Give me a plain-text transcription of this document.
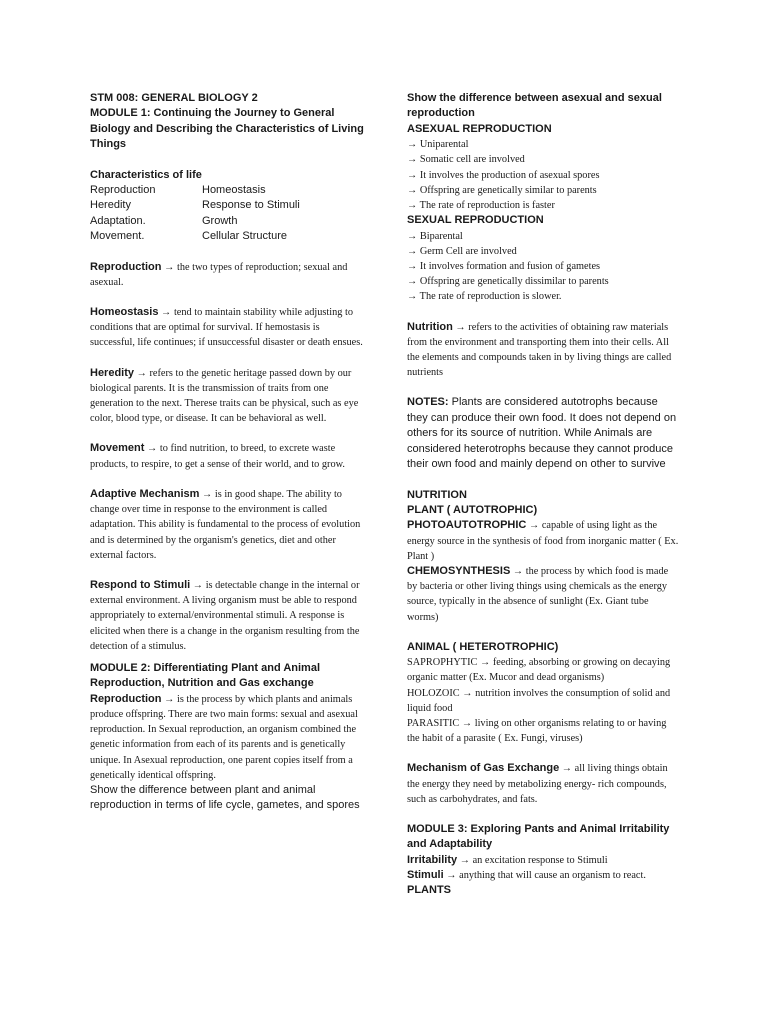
STM 008: GENERAL BIOLOGY 2
MODULE 1: Continuing the Journey to General Biology and Describing the Characteristics of Living Things
Characteristics of life
Reproduction	Homeostasis
Heredity	Response to Stimuli
Adaptation.	Growth
Movement.	Cellular Structure

Reproduction → the two types of reproduction; sexual and asexual.

Homeostasis → tend to maintain stability while adjusting to conditions that are optimal for survival. If hemostasis is successful, life continues; if unsuccessful disaster or death ensues.

Heredity → refers to the genetic heritage passed down by our biological parents. It is the transmission of traits from one generation to the next. Therese traits can be physical, such as eye color, blood type, or disease. It can be behavioral as well.

Movement → to find nutrition, to breed, to excrete waste products, to respire, to get a sense of their world, and to grow.

Adaptive Mechanism → is in good shape. The ability to change over time in response to the environment is called adaptation. This ability is fundamental to the process of evolution and is determined by the organism's genetics, diet and other external factors.

Respond to Stimuli → is detectable change in the internal or external environment. A living organism must be able to respond appropriately to external/environmental stimuli. A response is elicited when there is a change in the organism resulting from the detection of a stimulus.

MODULE 2: Differentiating Plant and Animal Reproduction, Nutrition and Gas exchange

Reproduction → is the process by which plants and animals produce offspring. There are two main forms: sexual and asexual reproduction. In Sexual reproduction, an organism combined the genetic information from each of its parents and is genetically unique. In Asexual reproduction, one parent copies itself from a genetically identical offspring.

Show the difference between plant and animal reproduction in terms of life cycle, gametes, and spores

Show the difference between asexual and sexual reproduction
ASEXUAL REPRODUCTION
→ Uniparental
→ Somatic cell are involved
→ It involves the production of asexual spores
→ Offspring are genetically similar to parents
→ The rate of reproduction is faster
SEXUAL REPRODUCTION
→ Biparental
→ Germ Cell are involved
→ It involves formation and fusion of gametes
→ Offspring are genetically dissimilar to parents
→ The rate of reproduction is slower.

Nutrition → refers to the activities of obtaining raw materials from the environment and transporting them into their cells. All the elements and compounds taken in by living things are called nutrients

NOTES: Plants are considered autotrophs because they can produce their own food. It does not depend on others for its source of nutrition. While Animals are considered heterotrophs because they cannot produce their own food and mainly depend on other to survive

NUTRITION
PLANT ( AUTOTROPHIC)

PHOTOAUTOTROPHIC → capable of using light as the energy source in the synthesis of food from inorganic matter ( Ex. Plant )

CHEMOSYNTHESIS → the process by which food is made by bacteria or other living things using chemicals as the energy source, typically in the absence of sunlight (Ex. Giant tube worms)

ANIMAL ( HETEROTROPHIC)

SAPROPHYTIC → feeding, absorbing or growing on decaying organic matter (Ex. Mucor and dead organisms)

HOLOZOIC → nutrition involves the consumption of solid and liquid food

PARASITIC → living on other organisms relating to or having the habit of a parasite ( Ex. Fungi, viruses)

Mechanism of Gas Exchange → all living things obtain the energy they need by metabolizing energy- rich compounds, such as carbohydrates, and fats.

MODULE 3: Exploring Pants and Animal Irritability and Adaptability

Irritability → an excitation response to Stimuli

Stimuli → anything that will cause an organism to react.

PLANTS
